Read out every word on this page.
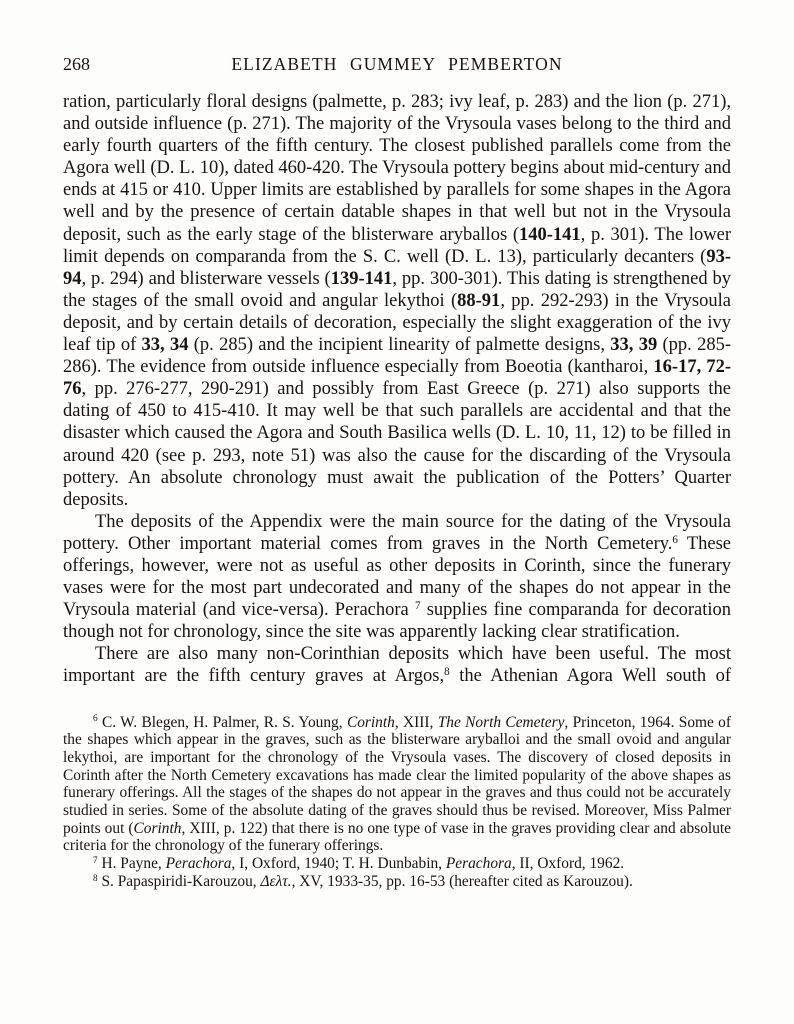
268	ELIZABETH GUMMEY PEMBERTON

ration, particularly floral designs (palmette, p. 283; ivy leaf, p. 283) and the lion (p. 271), and outside influence (p. 271). The majority of the Vrysoula vases belong to the third and early fourth quarters of the fifth century. The closest published parallels come from the Agora well (D. L. 10), dated 460-420. The Vrysoula pottery begins about mid-century and ends at 415 or 410. Upper limits are established by parallels for some shapes in the Agora well and by the presence of certain datable shapes in that well but not in the Vrysoula deposit, such as the early stage of the blisterware aryballos (140-141, p. 301). The lower limit depends on comparanda from the S. C. well (D. L. 13), particularly decanters (93-94, p. 294) and blisterware vessels (139-141, pp. 300-301). This dating is strengthened by the stages of the small ovoid and angular lekythoi (88-91, pp. 292-293) in the Vrysoula deposit, and by certain details of decoration, especially the slight exaggeration of the ivy leaf tip of 33, 34 (p. 285) and the incipient linearity of palmette designs, 33, 39 (pp. 285-286). The evidence from outside influence especially from Boeotia (kantharoi, 16-17, 72-76, pp. 276-277, 290-291) and possibly from East Greece (p. 271) also supports the dating of 450 to 415-410. It may well be that such parallels are accidental and that the disaster which caused the Agora and South Basilica wells (D. L. 10, 11, 12) to be filled in around 420 (see p. 293, note 51) was also the cause for the discarding of the Vrysoula pottery. An absolute chronology must await the publication of the Potters’ Quarter deposits.

The deposits of the Appendix were the main source for the dating of the Vrysoula pottery. Other important material comes from graves in the North Cemetery.$^6$ These offerings, however, were not as useful as other deposits in Corinth, since the funerary vases were for the most part undecorated and many of the shapes do not appear in the Vrysoula material (and vice-versa). Perachora $^7$ supplies fine comparanda for decoration though not for chronology, since the site was apparently lacking clear stratification.

There are also many non-Corinthian deposits which have been useful. The most important are the fifth century graves at Argos,$^8$ the Athenian Agora Well south of

$^6$ C. W. Blegen, H. Palmer, R. S. Young, Corinth, XIII, The North Cemetery, Princeton, 1964. Some of the shapes which appear in the graves, such as the blisterware aryballoi and the small ovoid and angular lekythoi, are important for the chronology of the Vrysoula vases. The discovery of closed deposits in Corinth after the North Cemetery excavations has made clear the limited popularity of the above shapes as funerary offerings. All the stages of the shapes do not appear in the graves and thus could not be accurately studied in series. Some of the absolute dating of the graves should thus be revised. Moreover, Miss Palmer points out (Corinth, XIII, p. 122) that there is no one type of vase in the graves providing clear and absolute criteria for the chronology of the funerary offerings.

$^7$ H. Payne, Perachora, I, Oxford, 1940; T. H. Dunbabin, Perachora, II, Oxford, 1962.

$^8$ S. Papaspiridi-Karouzou, Δελτ., XV, 1933-35, pp. 16-53 (hereafter cited as Karouzou).
